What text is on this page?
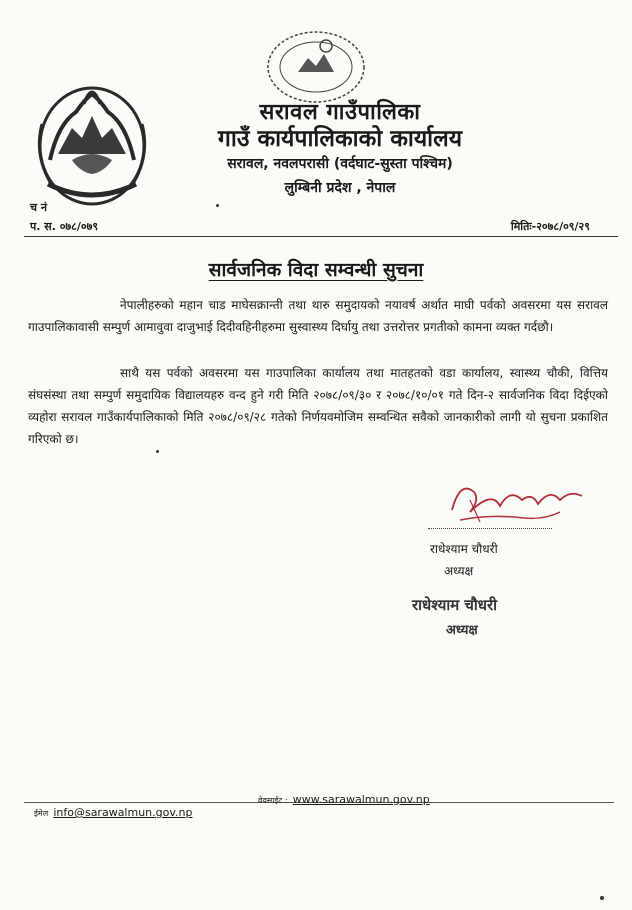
सरावल गाउँपालिका
गाउँ कार्यपालिकाको कार्यालय
सरावल, नवलपरासी (वर्दघाट-सुस्ता पश्चिम)
लुम्बिनी प्रदेश , नेपाल
च नं
प. स. ०७८/०७९	मितिः-२०७८/०९/२९
सार्वजनिक विदा सम्वन्धी सुचना
नेपालीहरुको महान चाड माघेसक्रान्ती तथा थारु समुदायको नयावर्ष अर्थात माघी पर्वको अवसरमा यस सरावल गाउपालिकावासी सम्पुर्ण आमावुवा दाजुभाई दिदीवहिनीहरुमा सुस्वास्थ्य दिर्घायु तथा उत्तरोत्तर प्रगतीको कामना व्यक्त गर्दछौ।
साथै यस पर्वको अवसरमा यस गाउपालिका कार्यालय तथा मातहतको वडा कार्यालय, स्वास्थ्य चौकी, वित्तिय संघसंस्था तथा सम्पुर्ण समुदायिक विद्यालयहरु वन्द हुने गरी मिति २०७८/०९/३० र २०७८/१०/०१ गते दिन-२ सार्वजनिक विदा दिईएको व्यहोरा सरावल गाउँकार्यपालिकाको मिति २०७८/०९/२८ गतेको निर्णयवमोजिम सम्वन्धित सवैको जानकारीको लागी यो सुचना प्रकाशित गरिएको छ।
राधेश्याम चौधरी
अध्यक्ष
राधेश्याम चौधरी
अध्यक्ष
ईमेल info@sarawalmun.gov.np
वेवसाईट : www.sarawalmun.gov.np
